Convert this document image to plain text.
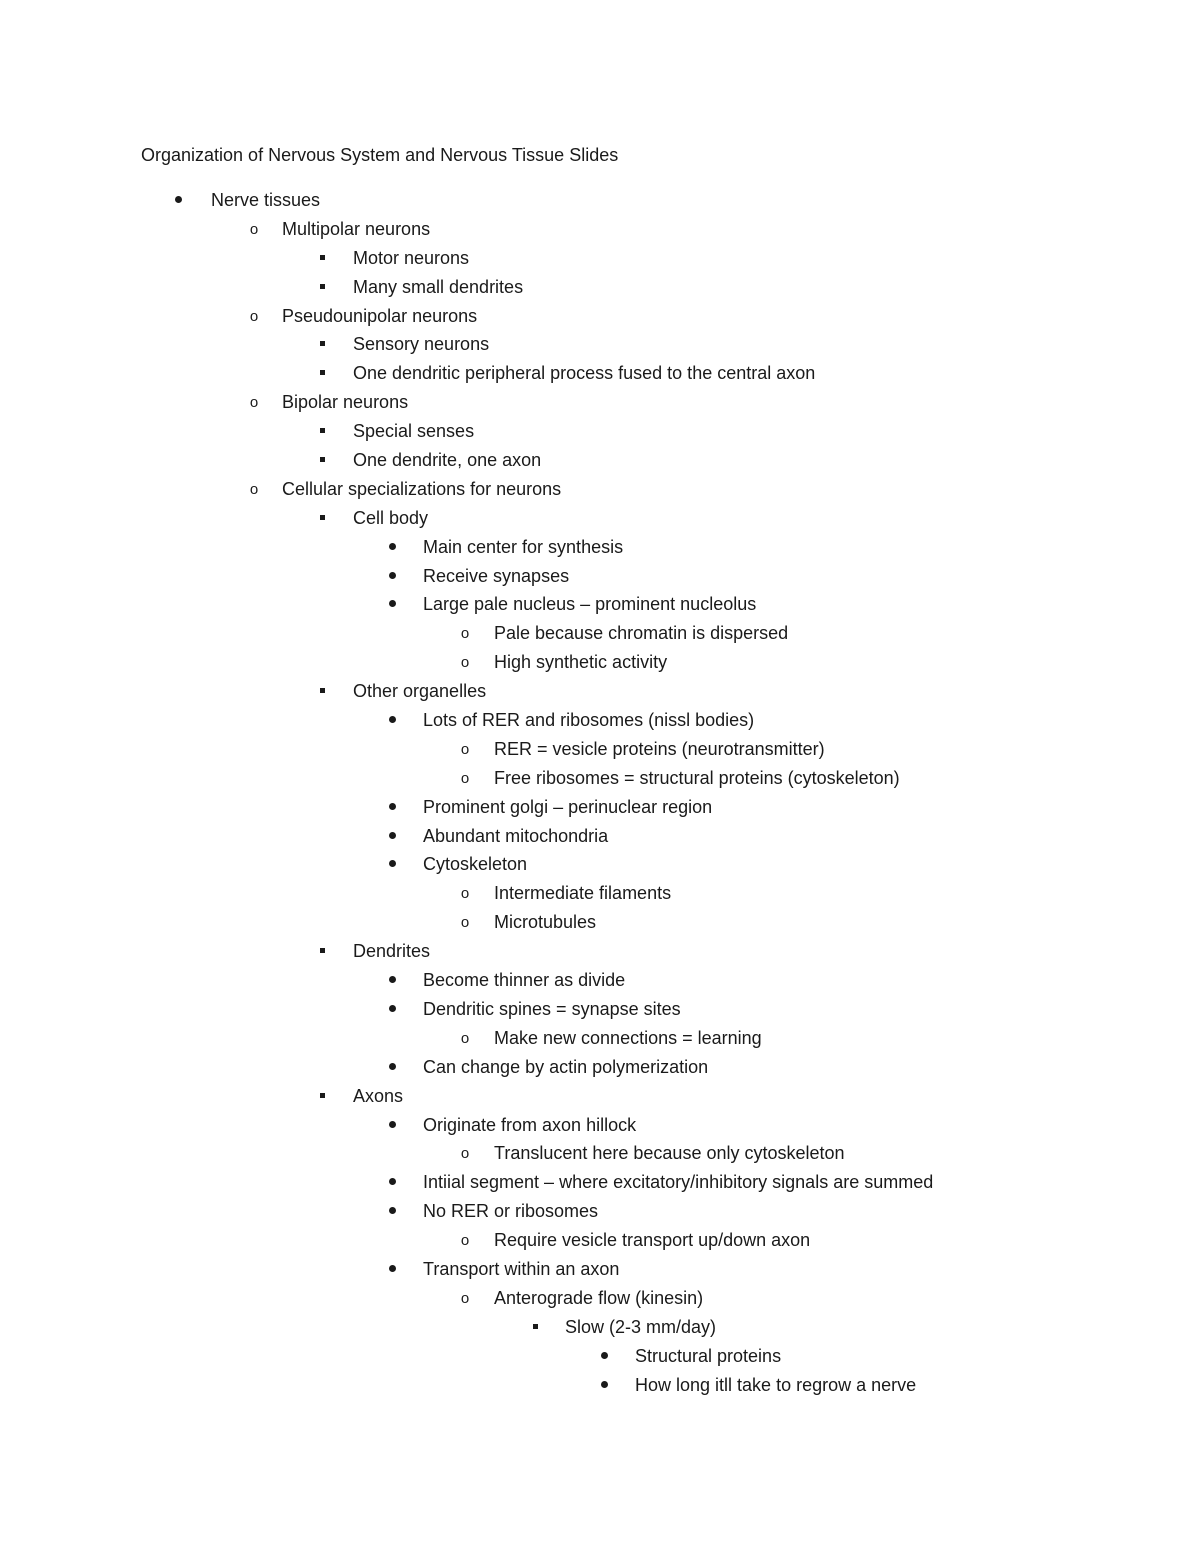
Organization of Nervous System and Nervous Tissue Slides
Nerve tissues
o	Multipolar neurons
Motor neurons
Many small dendrites
o	Pseudounipolar neurons
Sensory neurons
One dendritic peripheral process fused to the central axon
o	Bipolar neurons
Special senses
One dendrite, one axon
o	Cellular specializations for neurons
Cell body
Main center for synthesis
Receive synapses
Large pale nucleus – prominent nucleolus
o	Pale because chromatin is dispersed
o	High synthetic activity
Other organelles
Lots of RER and ribosomes (nissl bodies)
o	RER = vesicle proteins (neurotransmitter)
o	Free ribosomes = structural proteins (cytoskeleton)
Prominent golgi – perinuclear region
Abundant mitochondria
Cytoskeleton
o	Intermediate filaments
o	Microtubules
Dendrites
Become thinner as divide
Dendritic spines = synapse sites
o	Make new connections = learning
Can change by actin polymerization
Axons
Originate from axon hillock
o	Translucent here because only cytoskeleton
Intiial segment – where excitatory/inhibitory signals are summed
No RER or ribosomes
o	Require vesicle transport up/down axon
Transport within an axon
o	Anterograde flow (kinesin)
Slow (2-3 mm/day)
Structural proteins
How long itll take to regrow a nerve
